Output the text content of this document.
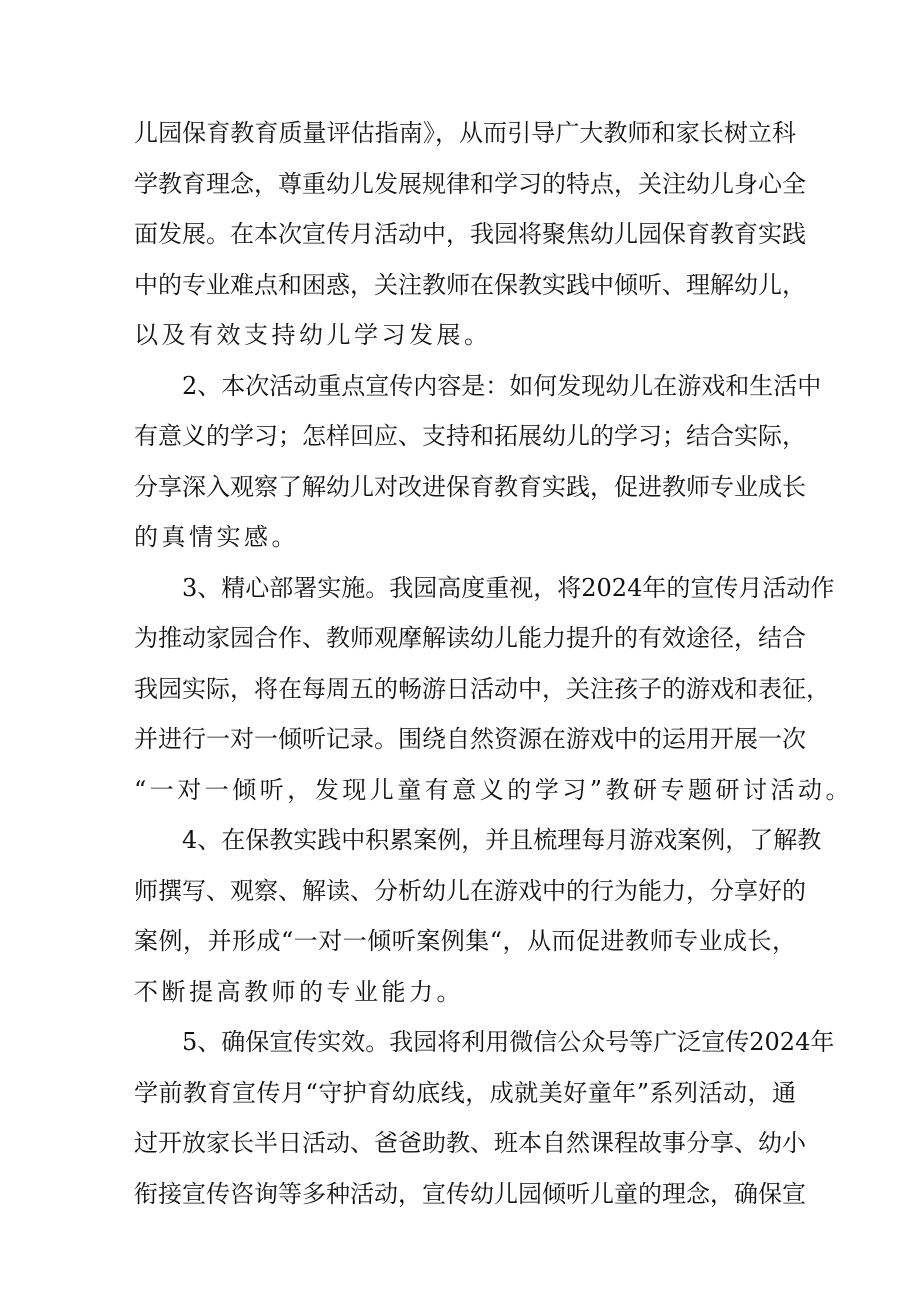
儿园保育教育质量评估指南》，从而引导广大教师和家长树立科
学教育理念，尊重幼儿发展规律和学习的特点，关注幼儿身心全
面发展。在本次宣传月活动中，我园将聚焦幼儿园保育教育实践
中的专业难点和困惑，关注教师在保教实践中倾听、理解幼儿，
以及有效支持幼儿学习发展。
2、本次活动重点宣传内容是：如何发现幼儿在游戏和生活中
有意义的学习；怎样回应、支持和拓展幼儿的学习；结合实际，
分享深入观察了解幼儿对改进保育教育实践，促进教师专业成长
的真情实感。
3、精心部署实施。我园高度重视，将2024年的宣传月活动作
为推动家园合作、教师观摩解读幼儿能力提升的有效途径，结合
我园实际，将在每周五的畅游日活动中，关注孩子的游戏和表征，
并进行一对一倾听记录。围绕自然资源在游戏中的运用开展一次
“一对一倾听，发现儿童有意义的学习”教研专题研讨活动。
4、在保教实践中积累案例，并且梳理每月游戏案例，了解教
师撰写、观察、解读、分析幼儿在游戏中的行为能力，分享好的
案例，并形成“一对一倾听案例集“，从而促进教师专业成长，
不断提高教师的专业能力。
5、确保宣传实效。我园将利用微信公众号等广泛宣传2024年
学前教育宣传月“守护育幼底线，成就美好童年”系列活动，通
过开放家长半日活动、爸爸助教、班本自然课程故事分享、幼小
衔接宣传咨询等多种活动，宣传幼儿园倾听儿童的理念，确保宣
